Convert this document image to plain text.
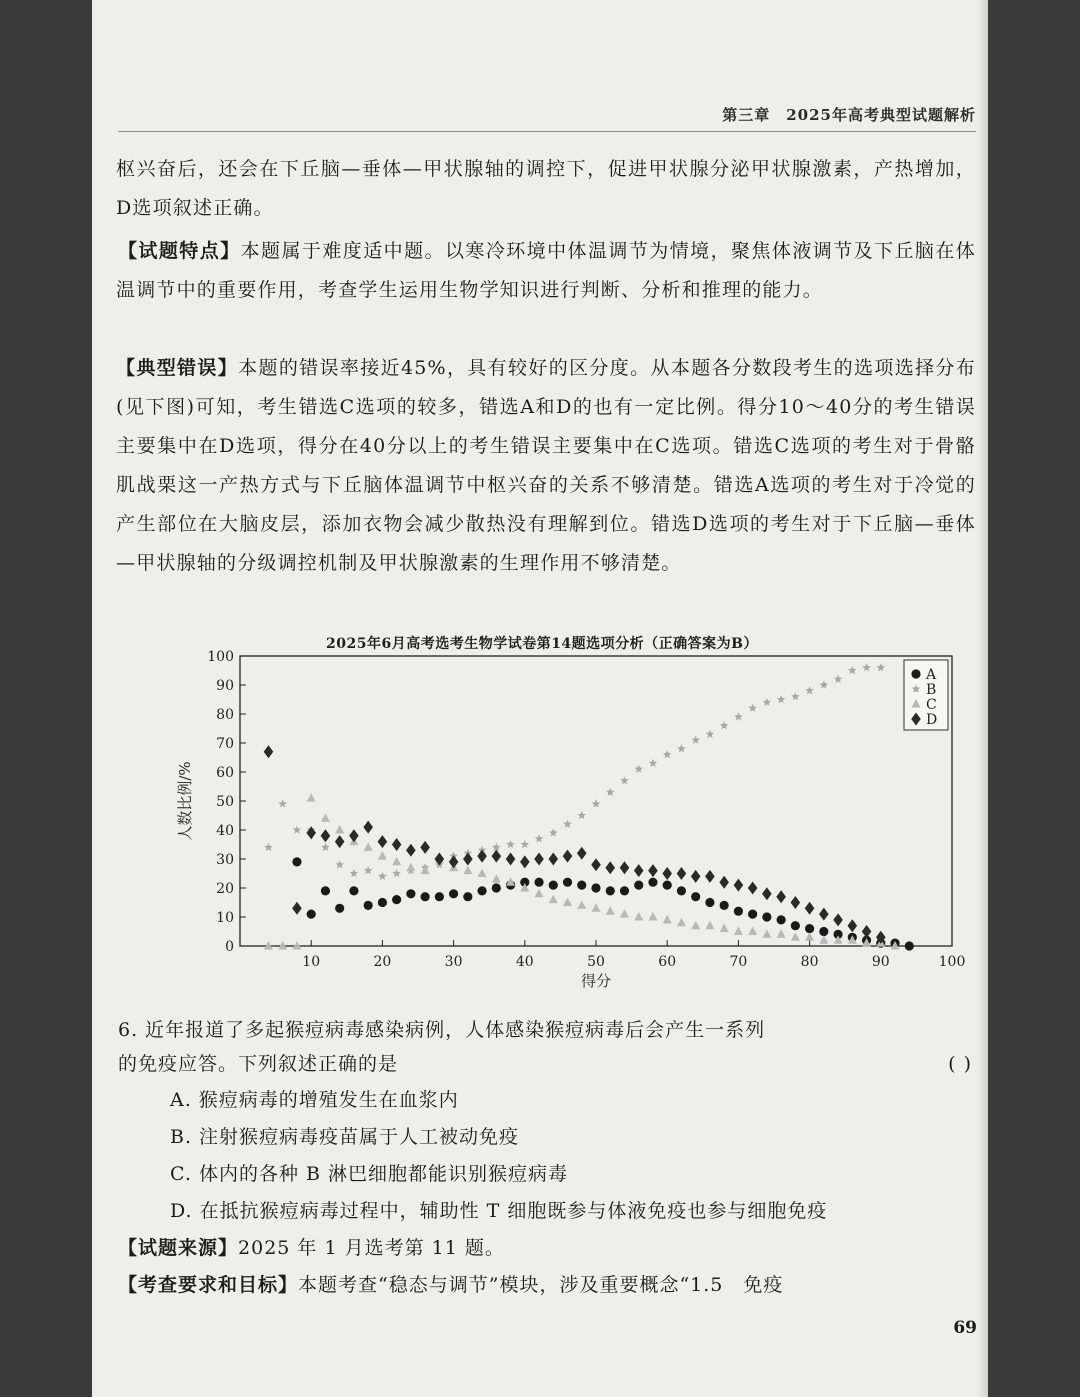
第三章　2025年高考典型试题解析

枢兴奋后，还会在下丘脑—垂体—甲状腺轴的调控下，促进甲状腺分泌甲状腺激素，产热增加，D选项叙述正确。

【试题特点】本题属于难度适中题。以寒冷环境中体温调节为情境，聚焦体液调节及下丘脑在体温调节中的重要作用，考查学生运用生物学知识进行判断、分析和推理的能力。

【典型错误】本题的错误率接近45%，具有较好的区分度。从本题各分数段考生的选项选择分布(见下图)可知，考生错选C选项的较多，错选A和D的也有一定比例。得分10～40分的考生错误主要集中在D选项，得分在40分以上的考生错误主要集中在C选项。错选C选项的考生对于骨骼肌战栗这一产热方式与下丘脑体温调节中枢兴奋的关系不够清楚。错选A选项的考生对于冷觉的产生部位在大脑皮层，添加衣物会减少散热没有理解到位。错选D选项的考生对于下丘脑—垂体—甲状腺轴的分级调控机制及甲状腺激素的生理作用不够清楚。

2025年6月高考选考生物学试卷第14题选项分析（正确答案为B）
0
10
20
30
40
50
60
70
80
90
100
10	20	30	40	50	60	70	80	90	100
得分
人数比例/%
A
B
C
D
6. 近年报道了多起猴痘病毒感染病例，人体感染猴痘病毒后会产生一系列
的免疫应答。下列叙述正确的是	( )
A. 猴痘病毒的增殖发生在血浆内
B. 注射猴痘病毒疫苗属于人工被动免疫
C. 体内的各种 B 淋巴细胞都能识别猴痘病毒
D. 在抵抗猴痘病毒过程中，辅助性 T 细胞既参与体液免疫也参与细胞免疫
【试题来源】2025 年 1 月选考第 11 题。
【考查要求和目标】本题考查“稳态与调节”模块，涉及重要概念“1.5　免疫
69
